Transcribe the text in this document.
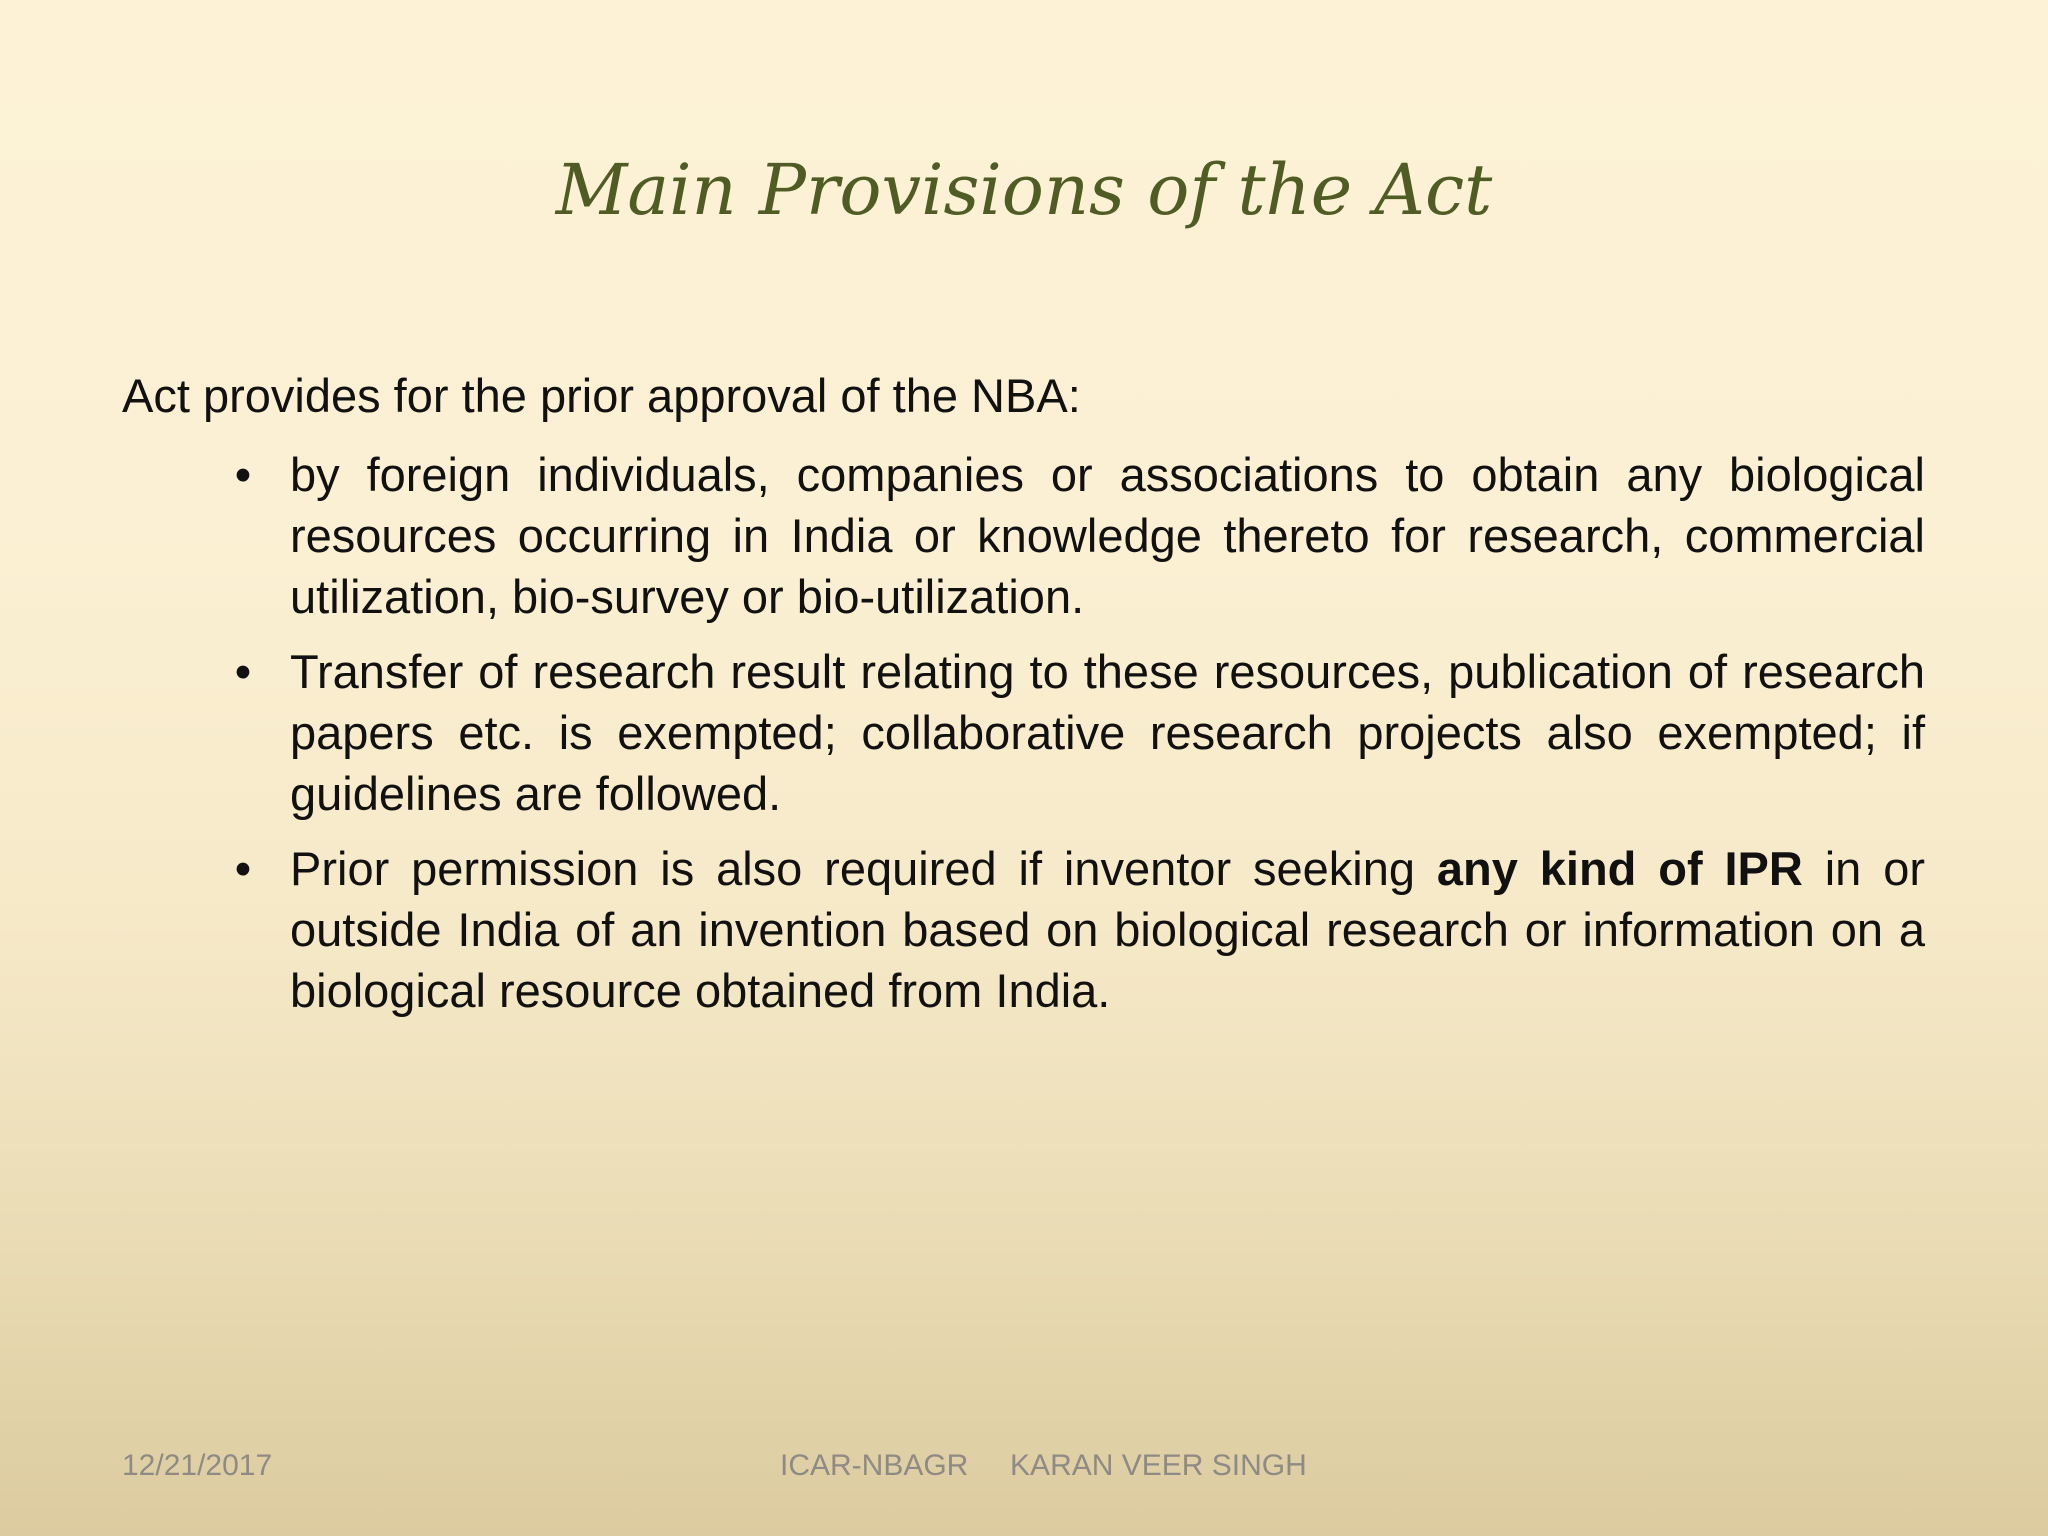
Main Provisions of the Act
Act provides for the prior approval of the NBA:
• by foreign individuals, companies or associations to obtain any biological resources occurring in India or knowledge thereto for research, commercial utilization, bio-survey or bio-utilization.
• Transfer of research result relating to these resources, publication of research papers etc. is exempted; collaborative research projects also exempted; if guidelines are followed.
• Prior permission is also required if inventor seeking any kind of IPR in or outside India of an invention based on biological research or information on a biological resource obtained from India.
12/21/2017	ICAR-NBAGR KARAN VEER SINGH
